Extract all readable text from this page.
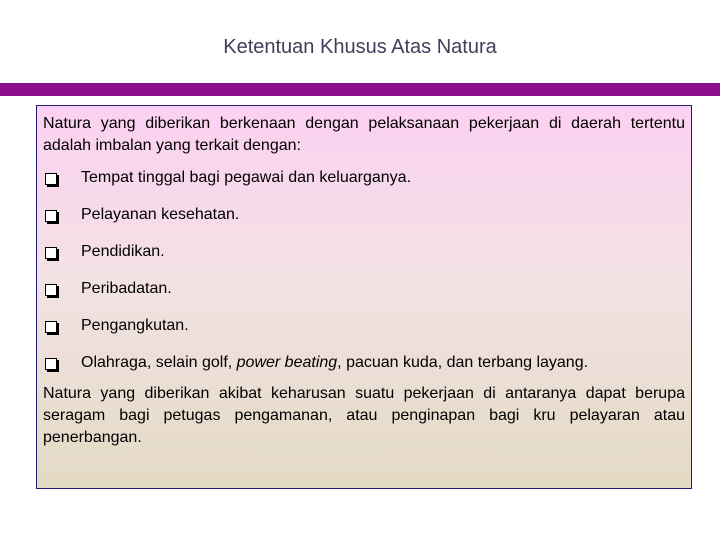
Ketentuan Khusus Atas Natura

Natura yang diberikan berkenaan dengan pelaksanaan pekerjaan di daerah tertentu adalah imbalan yang terkait dengan:

Tempat tinggal bagi pegawai dan keluarganya.
Pelayanan kesehatan.
Pendidikan.
Peribadatan.
Pengangkutan.
Olahraga, selain golf, power beating, pacuan kuda, dan terbang layang.

Natura yang diberikan akibat keharusan suatu pekerjaan di antaranya dapat berupa seragam bagi petugas pengamanan, atau penginapan bagi kru pelayaran atau penerbangan.
